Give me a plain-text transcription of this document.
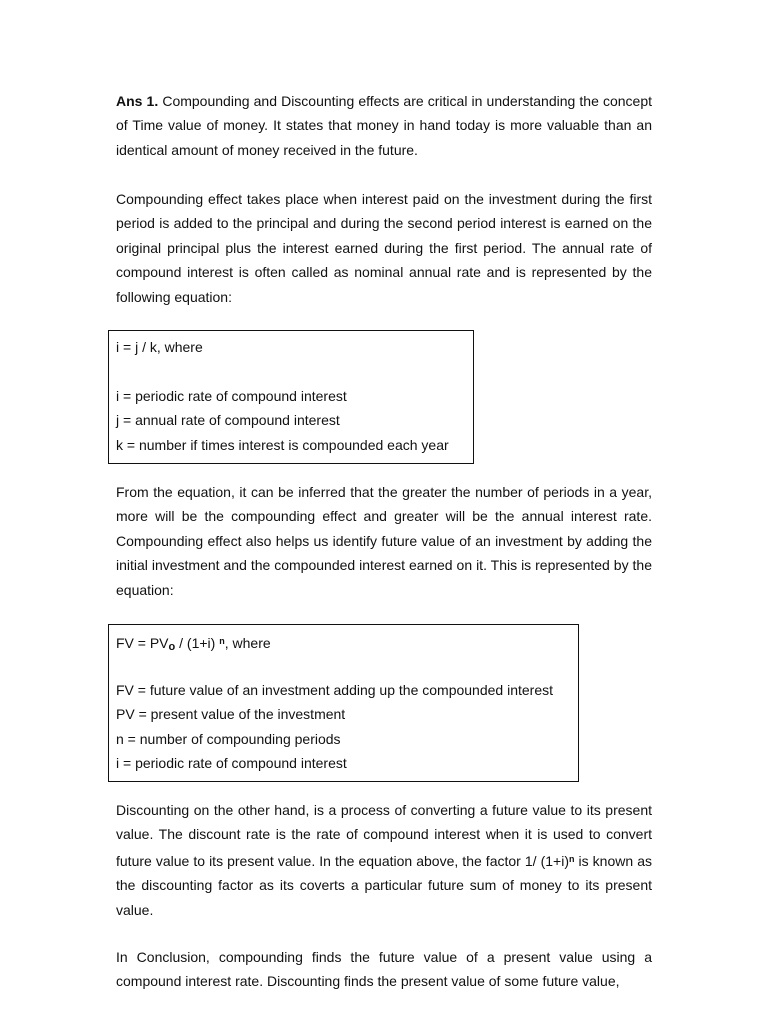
Ans 1. Compounding and Discounting effects are critical in understanding the concept of Time value of money. It states that money in hand today is more valuable than an identical amount of money received in the future.

Compounding effect takes place when interest paid on the investment during the first period is added to the principal and during the second period interest is earned on the original principal plus the interest earned during the first period. The annual rate of compound interest is often called as nominal annual rate and is represented by the following equation:

i = j / k, where
i = periodic rate of compound interest
j = annual rate of compound interest
k = number if times interest is compounded each year

From the equation, it can be inferred that the greater the number of periods in a year, more will be the compounding effect and greater will be the annual interest rate. Compounding effect also helps us identify future value of an investment by adding the initial investment and the compounded interest earned on it. This is represented by the equation:

FV = PVo / (1+i) $^n$, where
FV = future value of an investment adding up the compounded interest
PV = present value of the investment
n = number of compounding periods
i = periodic rate of compound interest

Discounting on the other hand, is a process of converting a future value to its present value. The discount rate is the rate of compound interest when it is used to convert future value to its present value. In the equation above, the factor 1/ $(1+i)^n$ is known as the discounting factor as its coverts a particular future sum of money to its present value.

In Conclusion, compounding finds the future value of a present value using a compound interest rate. Discounting finds the present value of some future value,
